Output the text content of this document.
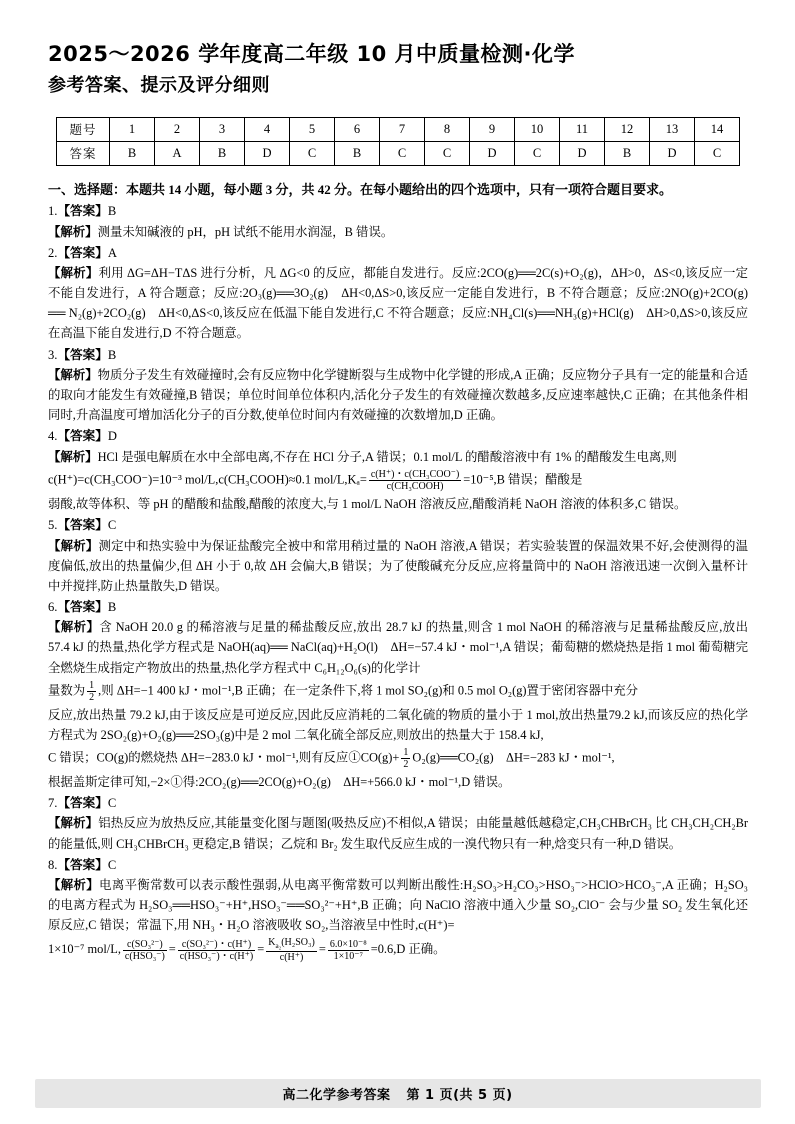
2025～2026 学年度高二年级 10 月中质量检测·化学
参考答案、提示及评分细则
题号	1	2	3	4	5	6	7	8	9	10	11	12	13	14
答案	B	A	B	D	C	B	C	C	D	C	D	B	D	C
一、选择题：本题共 14 小题，每小题 3 分，共 42 分。在每小题给出的四个选项中，只有一项符合题目要求。
1.【答案】B
【解析】测量未知碱液的 pH，pH 试纸不能用水润湿，B 错误。
2.【答案】A
【解析】利用 ΔG=ΔH−TΔS 进行分析，凡 ΔG<0 的反应，都能自发进行。反应:2CO(g)══2C(s)+O₂(g)，ΔH>0，ΔS<0,该反应一定不能自发进行，A 符合题意；反应:2O₃(g)══3O₂(g)　ΔH<0,ΔS>0,该反应一定能自发进行，B 不符合题意；反应:2NO(g)+2CO(g) ══ N₂(g)+2CO₂(g)　ΔH<0,ΔS<0,该反应在低温下能自发进行,C 不符合题意；反应:NH₄Cl(s)══NH₃(g)+HCl(g)　ΔH>0,ΔS>0,该反应在高温下能自发进行,D 不符合题意。
3.【答案】B
【解析】物质分子发生有效碰撞时,会有反应物中化学键断裂与生成物中化学键的形成,A 正确；反应物分子具有一定的能量和合适的取向才能发生有效碰撞,B 错误；单位时间单位体积内,活化分子发生的有效碰撞次数越多,反应速率越快,C 正确；在其他条件相同时,升高温度可增加活化分子的百分数,使单位时间内有效碰撞的次数增加,D 正确。
4.【答案】D
【解析】HCl 是强电解质在水中全部电离,不存在 HCl 分子,A 错误；0.1 mol/L 的醋酸溶液中有 1% 的醋酸发生电离,则
c(H⁺)=c(CH₃COO⁻)=10⁻³ mol/L,c(CH₃COOH)≈0.1 $mol/L,K_a= \frac{\text{c(H⁺)・c(CH₃COO⁻)}}{\text{c(CH₃COOH)}} =10^{-5},B$ 错误；醋酸是
弱酸,故等体积、等 pH 的醋酸和盐酸,醋酸的浓度大,与 1 mol/L NaOH 溶液反应,醋酸消耗 NaOH 溶液的体积多,C 错误。
5.【答案】C
【解析】测定中和热实验中为保证盐酸完全被中和常用稍过量的 NaOH 溶液,A 错误；若实验装置的保温效果不好,会使测得的温度偏低,放出的热量偏少,但 ΔH 小于 0,故 ΔH 会偏大,B 错误；为了使酸碱充分反应,应将量筒中的 NaOH 溶液迅速一次倒入量杯计中并搅拌,防止热量散失,D 错误。
6.【答案】B
【解析】含 NaOH 20.0 g 的稀溶液与足量的稀盐酸反应,放出 28.7 kJ 的热量,则含 1 mol NaOH 的稀溶液与足量稀盐酸反应,放出 57.4 kJ 的热量,热化学方程式是 NaOH(aq)══ NaCl(aq)+H₂O(l)　ΔH=−57.4 kJ・mol⁻¹,A 错误；葡萄糖的燃烧热是指 1 mol 葡萄糖完全燃烧生成指定产物放出的热量,热化学方程式中 C₆H₁₂O₆(s)的化学计
量数为 $\frac{1}{2}$ ,则 ΔH=−1 400 kJ・mol⁻¹,B 正确；在一定条件下,将 1 mol SO₂(g)和 0.5 mol O₂(g)置于密闭容器中充分
反应,放出热量 79.2 kJ,由于该反应是可逆反应,因此反应消耗的二氧化硫的物质的量小于 1 mol,放出热量79.2 kJ,而该反应的热化学方程式为 2SO₂(g)+O₂(g)══2SO₃(g)中是 2 mol 二氧化硫全部反应,则放出的热量大于 158.4 kJ,
C 错误；CO(g)的燃烧热 ΔH=−283.0 kJ・mol⁻¹,则有反应①CO(g)+ $\frac{1}{2}$ O₂(g)══CO₂(g)　ΔH=−283 kJ・mol⁻¹,
根据盖斯定律可知,−2×①得:2CO₂(g)══2CO(g)+O₂(g)　ΔH=+566.0 kJ・mol⁻¹,D 错误。
7.【答案】C
【解析】铝热反应为放热反应,其能量变化图与题图(吸热反应)不相似,A 错误；由能量越低越稳定,CH₃CHBrCH₃ 比 CH₃CH₂CH₂Br 的能量低,则 CH₃CHBrCH₃ 更稳定,B 错误；乙烷和 Br₂ 发生取代反应生成的一溴代物只有一种,焓变只有一种,D 错误。
8.【答案】C
【解析】电离平衡常数可以表示酸性强弱,从电离平衡常数可以判断出酸性:H₂SO₃>H₂CO₃>HSO₃⁻>HClO>HCO₃⁻,A 正确；H₂SO₃ 的电离方程式为 H₂SO₃══HSO₃⁻+H⁺,HSO₃⁻══SO₃²⁻+H⁺,B 正确；向 NaClO 溶液中通入少量 SO₂,ClO⁻ 会与少量 SO₂ 发生氧化还原反应,C 错误；常温下,用 NH₃・H₂O 溶液吸收 SO₂,当溶液呈中性时,c(H⁺)=
1×10⁻⁷ mol/L, $\frac{\text{c(SO₃²⁻)}}{\text{c(HSO₃⁻)}} = \frac{\text{c(SO₃²⁻)・c(H⁺)}}{\text{c(HSO₃⁻)・c(H⁺)}} = \frac{K_{a_2}(H_2SO_3)}{c(H^+)} = \frac{\text{6.0×10⁻⁸}}{\text{1×10⁻⁷}} =0.6,D$ 正确。
高二化学参考答案 第 1 页(共 5 页)
